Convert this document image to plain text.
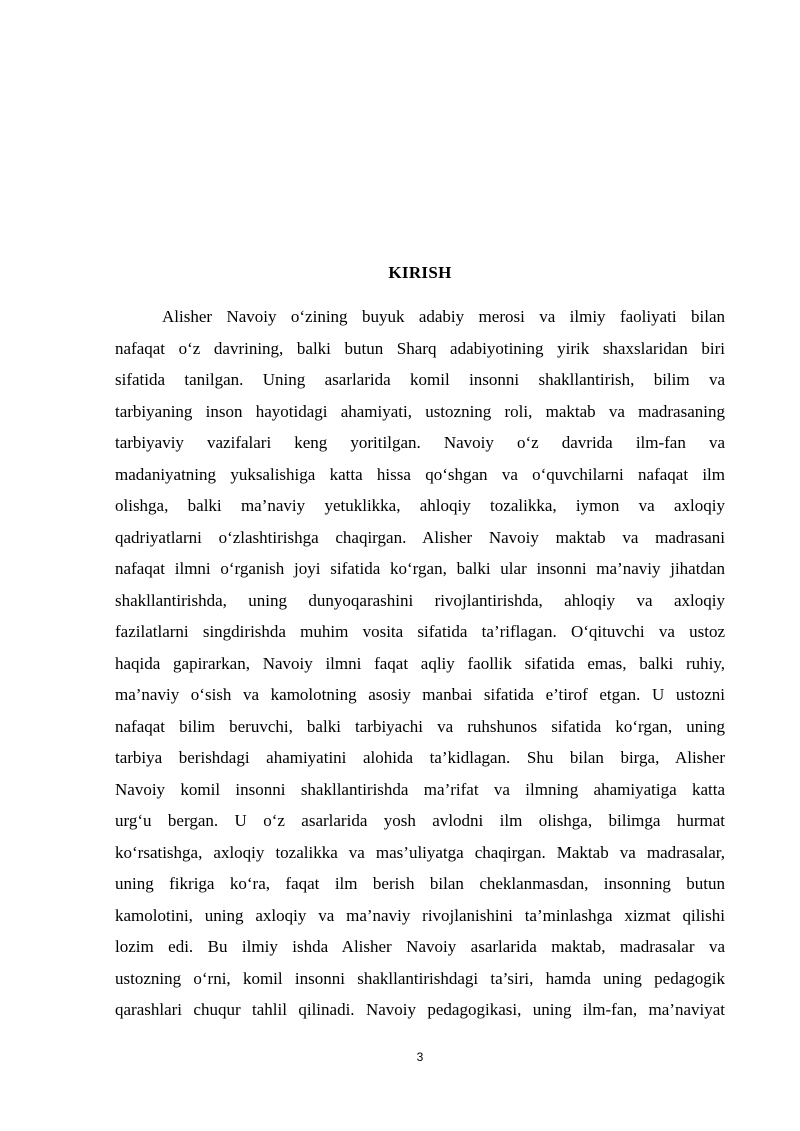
KIRISH
Alisher Navoiy o‘zining buyuk adabiy merosi va ilmiy faoliyati bilan
nafaqat o‘z davrining, balki butun Sharq adabiyotining yirik shaxslaridan biri
sifatida tanilgan. Uning asarlarida komil insonni shakllantirish, bilim va
tarbiyaning inson hayotidagi ahamiyati, ustozning roli, maktab va madrasaning
tarbiyaviy vazifalari keng yoritilgan. Navoiy o‘z davrida ilm-fan va
madaniyatning yuksalishiga katta hissa qo‘shgan va o‘quvchilarni nafaqat ilm
olishga, balki ma’naviy yetuklikka, ahloqiy tozalikka, iymon va axloqiy
qadriyatlarni o‘zlashtirishga chaqirgan. Alisher Navoiy maktab va madrasani
nafaqat ilmni o‘rganish joyi sifatida ko‘rgan, balki ular insonni ma’naviy jihatdan
shakllantirishda, uning dunyoqarashini rivojlantirishda, ahloqiy va axloqiy
fazilatlarni singdirishda muhim vosita sifatida ta’riflagan. O‘qituvchi va ustoz
haqida gapirarkan, Navoiy ilmni faqat aqliy faollik sifatida emas, balki ruhiy,
ma’naviy o‘sish va kamolotning asosiy manbai sifatida e’tirof etgan. U ustozni
nafaqat bilim beruvchi, balki tarbiyachi va ruhshunos sifatida ko‘rgan, uning
tarbiya berishdagi ahamiyatini alohida ta’kidlagan. Shu bilan birga, Alisher
Navoiy komil insonni shakllantirishda ma’rifat va ilmning ahamiyatiga katta
urg‘u bergan. U o‘z asarlarida yosh avlodni ilm olishga, bilimga hurmat
ko‘rsatishga, axloqiy tozalikka va mas’uliyatga chaqirgan. Maktab va madrasalar,
uning fikriga ko‘ra, faqat ilm berish bilan cheklanmasdan, insonning butun
kamolotini, uning axloqiy va ma’naviy rivojlanishini ta’minlashga xizmat qilishi
lozim edi. Bu ilmiy ishda Alisher Navoiy asarlarida maktab, madrasalar va
ustozning o‘rni, komil insonni shakllantirishdagi ta’siri, hamda uning pedagogik
qarashlari chuqur tahlil qilinadi. Navoiy pedagogikasi, uning ilm-fan, ma’naviyat
3
